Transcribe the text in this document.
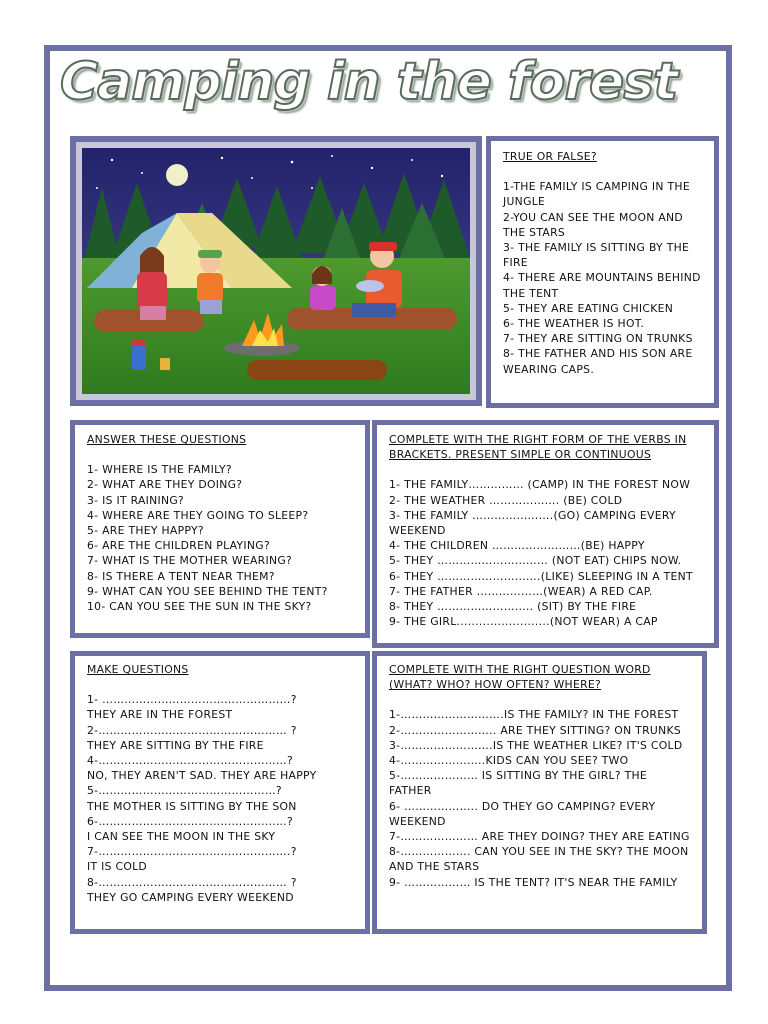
Camping in the forest
TRUE OR FALSE?
1-THE FAMILY IS CAMPING IN THE JUNGLE
2-YOU CAN SEE THE MOON AND THE STARS
3- THE FAMILY IS SITTING BY THE FIRE
4- THERE ARE MOUNTAINS BEHIND THE TENT
5- THEY ARE EATING CHICKEN
6- THE WEATHER IS HOT.
7- THEY ARE SITTING ON TRUNKS
8- THE FATHER AND HIS SON ARE WEARING CAPS.
ANSWER THESE QUESTIONS
1- WHERE IS THE FAMILY?
2- WHAT ARE THEY DOING?
3- IS IT RAINING?
4- WHERE ARE THEY GOING TO SLEEP?
5- ARE THEY HAPPY?
6- ARE THE CHILDREN PLAYING?
7- WHAT IS THE MOTHER WEARING?
8- IS THERE A TENT NEAR THEM?
9- WHAT CAN YOU SEE BEHIND THE TENT?
10- CAN YOU SEE THE SUN IN THE SKY?
COMPLETE WITH THE RIGHT FORM OF THE VERBS IN BRACKETS. PRESENT SIMPLE OR CONTINUOUS
1- THE FAMILY…………… (CAMP) IN THE FOREST NOW
2- THE WEATHER ………………. (BE) COLD
3- THE FAMILY ………………….(GO) CAMPING EVERY WEEKEND
4- THE CHILDREN ……………………(BE) HAPPY
5- THEY ………………………… (NOT EAT) CHIPS NOW.
6- THEY ……………………….(LIKE) SLEEPING IN A TENT
7- THE FATHER ………………(WEAR) A RED CAP.
8- THEY …………………….. (SIT) BY THE FIRE
9- THE GIRL.........................(NOT WEAR) A CAP
MAKE QUESTIONS
1- ……………………………………………?
THEY ARE IN THE FOREST
2-…………………………………………… ?
THEY ARE SITTING BY THE FIRE
4-……………………………………………?
NO, THEY AREN'T SAD. THEY ARE HAPPY
5-…………………………………………?
THE MOTHER IS SITTING BY THE SON
6-……………………………………………?
I CAN SEE THE MOON IN THE SKY
7-…………………………………………….?
IT IS COLD
8-…………………………………………… ?
THEY GO CAMPING EVERY WEEKEND
COMPLETE WITH THE RIGHT QUESTION WORD (WHAT? WHO? HOW OFTEN? WHERE?
1-……………………….IS THE FAMILY? IN THE FOREST
2-…………………….. ARE THEY SITTING? ON TRUNKS
3-…………………….IS THE WEATHER LIKE? IT'S COLD
4-…………………..KIDS CAN YOU SEE? TWO
5-………………… IS SITTING BY THE GIRL? THE FATHER
6- ……………….. DO THEY GO CAMPING? EVERY WEEKEND
7-………………… ARE THEY DOING? THEY ARE EATING
8-………………. CAN YOU SEE IN THE SKY? THE MOON AND THE STARS
9- ……………… IS THE TENT? IT'S NEAR THE FAMILY
